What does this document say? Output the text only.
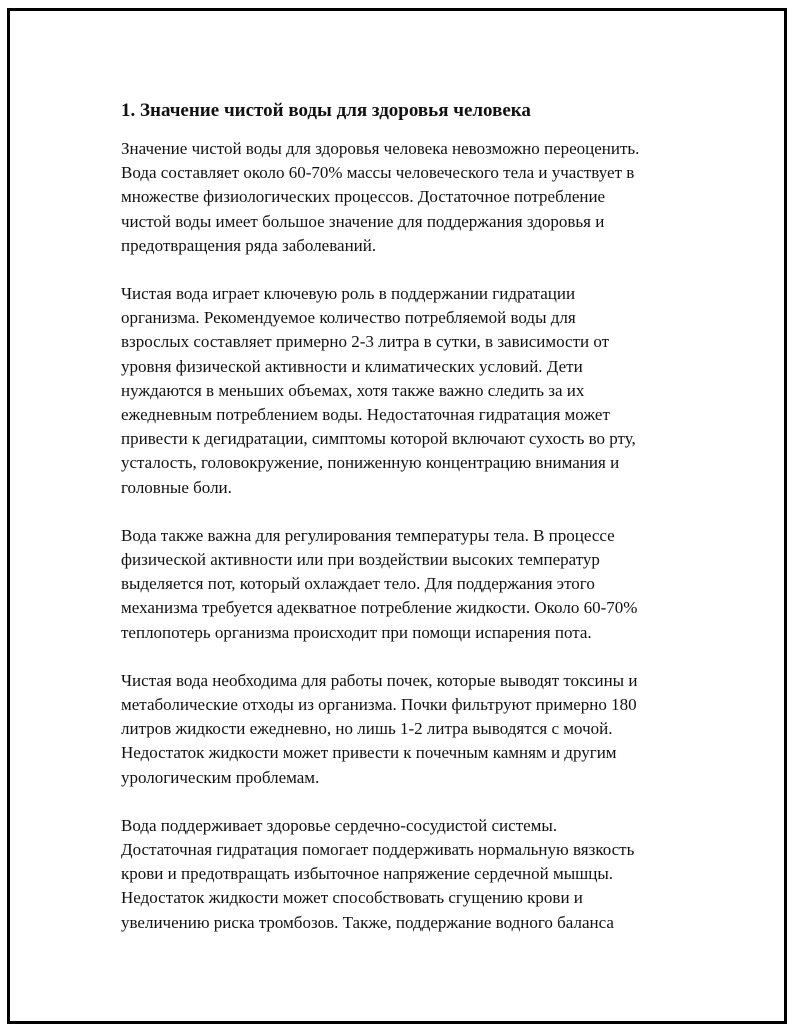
1. Значение чистой воды для здоровья человека

Значение чистой воды для здоровья человека невозможно переоценить.
Вода составляет около 60-70% массы человеческого тела и участвует в
множестве физиологических процессов. Достаточное потребление
чистой воды имеет большое значение для поддержания здоровья и
предотвращения ряда заболеваний.

Чистая вода играет ключевую роль в поддержании гидратации
организма. Рекомендуемое количество потребляемой воды для
взрослых составляет примерно 2-3 литра в сутки, в зависимости от
уровня физической активности и климатических условий. Дети
нуждаются в меньших объемах, хотя также важно следить за их
ежедневным потреблением воды. Недостаточная гидратация может
привести к дегидратации, симптомы которой включают сухость во рту,
усталость, головокружение, пониженную концентрацию внимания и
головные боли.

Вода также важна для регулирования температуры тела. В процессе
физической активности или при воздействии высоких температур
выделяется пот, который охлаждает тело. Для поддержания этого
механизма требуется адекватное потребление жидкости. Около 60-70%
теплопотерь организма происходит при помощи испарения пота.

Чистая вода необходима для работы почек, которые выводят токсины и
метаболические отходы из организма. Почки фильтруют примерно 180
литров жидкости ежедневно, но лишь 1-2 литра выводятся с мочой.
Недостаток жидкости может привести к почечным камням и другим
урологическим проблемам.

Вода поддерживает здоровье сердечно-сосудистой системы.
Достаточная гидратация помогает поддерживать нормальную вязкость
крови и предотвращать избыточное напряжение сердечной мышцы.
Недостаток жидкости может способствовать сгущению крови и
увеличению риска тромбозов. Также, поддержание водного баланса
